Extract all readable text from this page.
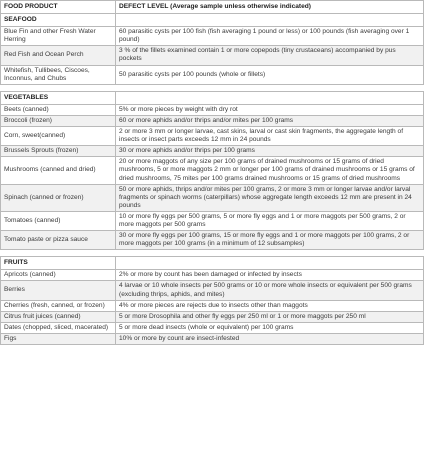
FOOD PRODUCT	DEFECT LEVEL (Average sample unless otherwise indicated)
SEAFOOD	
Blue Fin and other Fresh Water Herring	60 parasitic cysts per 100 fish (fish averaging 1 pound or less) or 100 pounds (fish averaging over 1 pound)
Red Fish and Ocean Perch	3 % of the fillets examined contain 1 or more copepods (tiny crustaceans) accompanied by pus pockets
Whitefish, Tullibees, Ciscoes, Inconnus, and Chubs	50 parasitic cysts per 100 pounds (whole or fillets)

VEGETABLES	
Beets (canned)	5% or more pieces by weight with dry rot
Broccoli (frozen)	60 or more aphids and/or thrips and/or mites per 100 grams
Corn, sweet(canned)	2 or more 3 mm or longer larvae, cast skins, larval or cast skin fragments, the aggregate length of insects or insect parts exceeds 12 mm in 24 pounds
Brussels Sprouts (frozen)	30 or more aphids and/or thrips per 100 grams
Mushrooms (canned and dried)	20 or more maggots of any size per 100 grams of drained mushrooms or 15 grams of dried mushrooms, 5 or more maggots 2 mm or longer per 100 grams of drained mushrooms or 15 grams of dried mushrooms, 75 mites per 100 grams drained mushrooms or 15 grams of dried mushrooms
Spinach (canned or frozen)	50 or more aphids, thrips and/or mites per 100 grams, 2 or more 3 mm or longer larvae and/or larval fragments or spinach worms (caterpillars) whose aggregate length exceeds 12 mm are present in 24 pounds
Tomatoes (canned)	10 or more fly eggs per 500 grams, 5 or more fly eggs and 1 or more maggots per 500 grams, 2 or more maggots per 500 grams
Tomato paste or pizza sauce	30 or more fly eggs per 100 grams, 15 or more fly eggs and 1 or more maggots per 100 grams, 2 or more maggots per 100 grams (in a minimum of 12 subsamples)

FRUITS	
Apricots (canned)	2% or more by count has been damaged or infected by insects
Berries	4 larvae or 10 whole insects per 500 grams or 10 or more whole insects or equivalent per 500 grams (excluding thrips, aphids, and mites)
Cherries (fresh, canned, or frozen)	4% or more pieces are rejects due to insects other than maggots
Citrus fruit juices (canned)	5 or more Drosophila and other fly eggs per 250 ml or 1 or more maggots per 250 ml
Dates (chopped, sliced, macerated)	5 or more dead insects (whole or equivalent) per 100 grams
Figs	10% or more by count are insect-infested
